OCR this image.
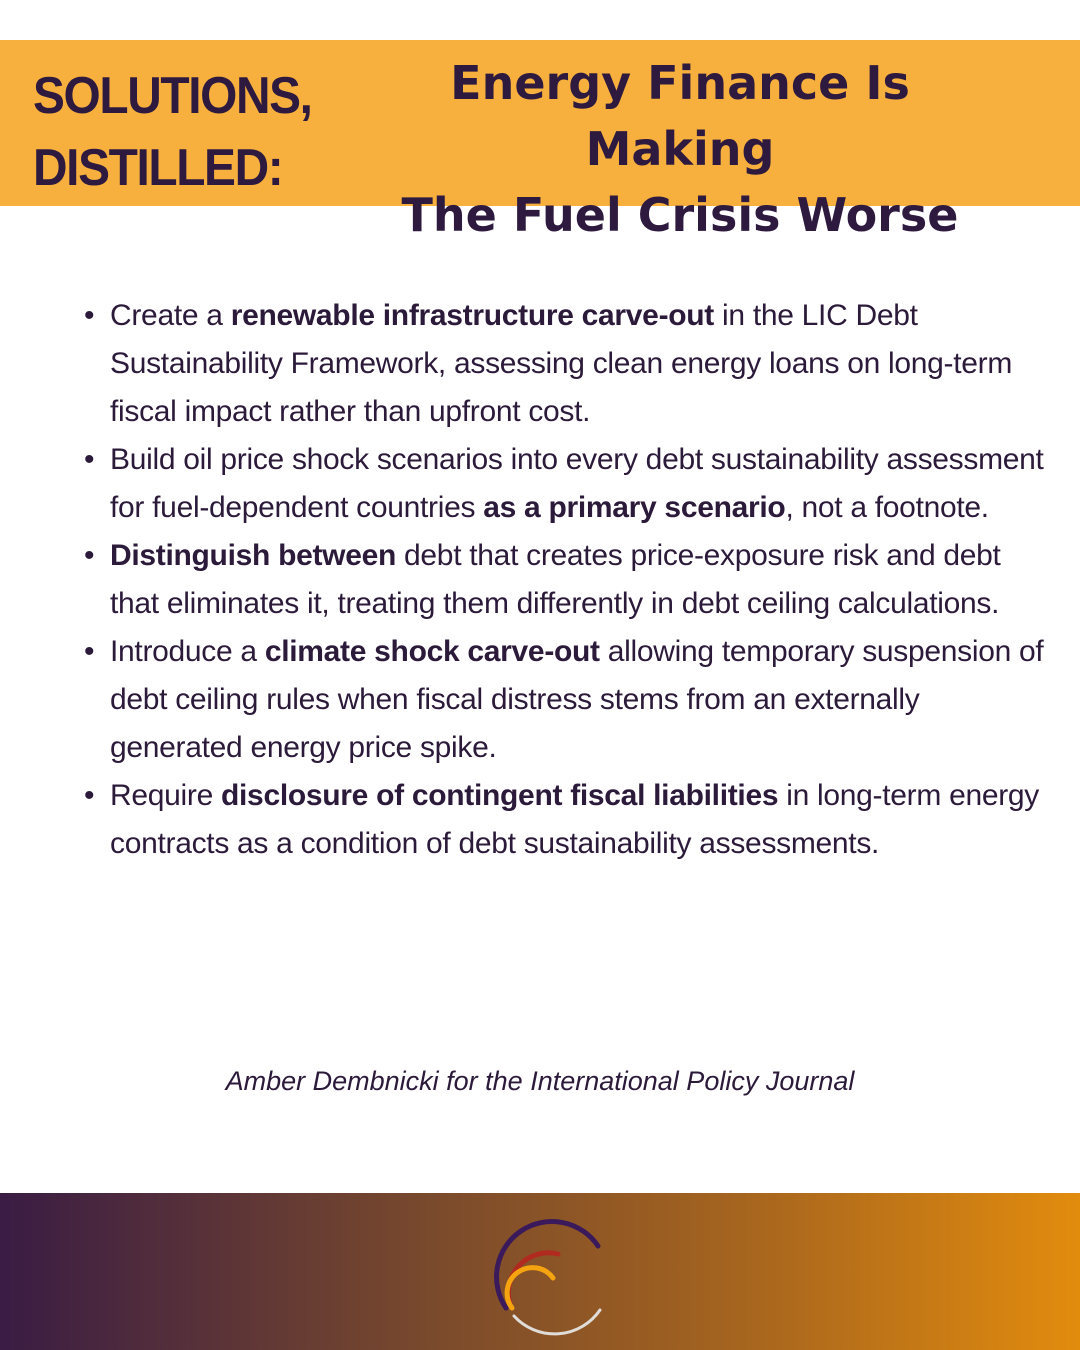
SOLUTIONS,
DISTILLED:
Energy Finance Is Making
The Fuel Crisis Worse
• Create a renewable infrastructure carve-out in the LIC Debt Sustainability Framework, assessing clean energy loans on long-term fiscal impact rather than upfront cost.
• Build oil price shock scenarios into every debt sustainability assessment for fuel-dependent countries as a primary scenario, not a footnote.
• Distinguish between debt that creates price-exposure risk and debt that eliminates it, treating them differently in debt ceiling calculations.
• Introduce a climate shock carve-out allowing temporary suspension of debt ceiling rules when fiscal distress stems from an externally generated energy price spike.
• Require disclosure of contingent fiscal liabilities in long-term energy contracts as a condition of debt sustainability assessments.
Amber Dembnicki for the International Policy Journal
